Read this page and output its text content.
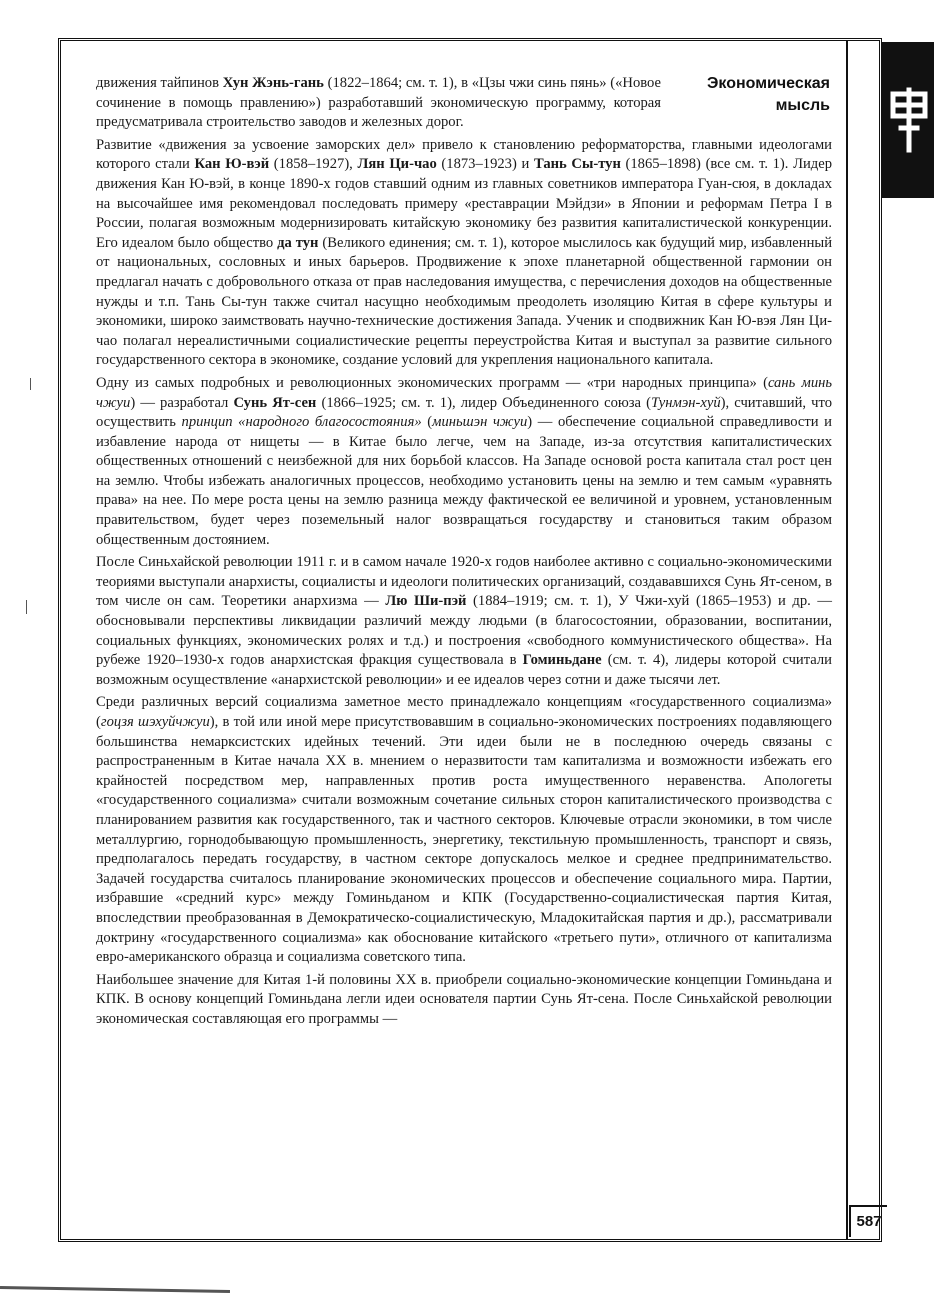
Экономическая
мысль

движения тайпинов Хун Жэнь-гань (1822–1864; см. т. 1), в «Цзы чжи синь пянь» («Новое сочинение в помощь правлению») разработавший экономическую программу, которая предусматривала строительство заводов и железных дорог.

Развитие «движения за усвоение заморских дел» привело к становлению реформаторства, главными идеологами которого стали Кан Ю-вэй (1858–1927), Лян Ци-чао (1873–1923) и Тань Сы-тун (1865–1898) (все см. т. 1). Лидер движения Кан Ю-вэй, в конце 1890-х годов ставший одним из главных советников императора Гуан-сюя, в докладах на высочайшее имя рекомендовал последовать примеру «реставрации Мэйдзи» в Японии и реформам Петра I в России, полагая возможным модернизировать китайскую экономику без развития капиталистической конкуренции. Его идеалом было общество да тун (Великого единения; см. т. 1), которое мыслилось как будущий мир, избавленный от национальных, сословных и иных барьеров. Продвижение к эпохе планетарной общественной гармонии он предлагал начать с добровольного отказа от прав наследования имущества, с перечисления доходов на общественные нужды и т.п. Тань Сы-тун также считал насущно необходимым преодолеть изоляцию Китая в сфере культуры и экономики, широко заимствовать научно-технические достижения Запада. Ученик и сподвижник Кан Ю-вэя Лян Ци-чао полагал нереалистичными социалистические рецепты переустройства Китая и выступал за развитие сильного государственного сектора в экономике, создание условий для укрепления национального капитала.

Одну из самых подробных и революционных экономических программ — «три народных принципа» (сань минь чжуи) — разработал Сунь Ят-сен (1866–1925; см. т. 1), лидер Объединенного союза (Тунмэн-хуй), считавший, что осуществить принцип «народного благосостояния» (миньшэн чжуи) — обеспечение социальной справедливости и избавление народа от нищеты — в Китае было легче, чем на Западе, из-за отсутствия капиталистических общественных отношений с неизбежной для них борьбой классов. На Западе основой роста капитала стал рост цен на землю. Чтобы избежать аналогичных процессов, необходимо установить цены на землю и тем самым «уравнять права» на нее. По мере роста цены на землю разница между фактической ее величиной и уровнем, установленным правительством, будет через поземельный налог возвращаться государству и становиться таким образом общественным достоянием.

После Синьхайской революции 1911 г. и в самом начале 1920-х годов наиболее активно с социально-экономическими теориями выступали анархисты, социалисты и идеологи политических организаций, создававшихся Сунь Ят-сеном, в том числе он сам. Теоретики анархизма — Лю Ши-пэй (1884–1919; см. т. 1), У Чжи-хуй (1865–1953) и др. — обосновывали перспективы ликвидации различий между людьми (в благосостоянии, образовании, воспитании, социальных функциях, экономических ролях и т.д.) и построения «свободного коммунистического общества». На рубеже 1920–1930-х годов анархистская фракция существовала в Гоминьдане (см. т. 4), лидеры которой считали возможным осуществление «анархистской революции» и ее идеалов через сотни и даже тысячи лет.

Среди различных версий социализма заметное место принадлежало концепциям «государственного социализма» (гоцзя шэхуйчжуи), в той или иной мере присутствовавшим в социально-экономических построениях подавляющего большинства немарксистских идейных течений. Эти идеи были не в последнюю очередь связаны с распространенным в Китае начала XX в. мнением о неразвитости там капитализма и возможности избежать его крайностей посредством мер, направленных против роста имущественного неравенства. Апологеты «государственного социализма» считали возможным сочетание сильных сторон капиталистического производства с планированием развития как государственного, так и частного секторов. Ключевые отрасли экономики, в том числе металлургию, горнодобывающую промышленность, энергетику, текстильную промышленность, транспорт и связь, предполагалось передать государству, в частном секторе допускалось мелкое и среднее предпринимательство. Задачей государства считалось планирование экономических процессов и обеспечение социального мира. Партии, избравшие «средний курс» между Гоминьданом и КПК (Государственно-социалистическая партия Китая, впоследствии преобразованная в Демократическо-социалистическую, Младокитайская партия и др.), рассматривали доктрину «государственного социализма» как обоснование китайского «третьего пути», отличного от капитализма евро-американского образца и социализма советского типа.

Наибольшее значение для Китая 1-й половины XX в. приобрели социально-экономические концепции Гоминьдана и КПК. В основу концепций Гоминьдана легли идеи основателя партии Сунь Ят-сена. После Синьхайской революции экономическая составляющая его программы —

587
